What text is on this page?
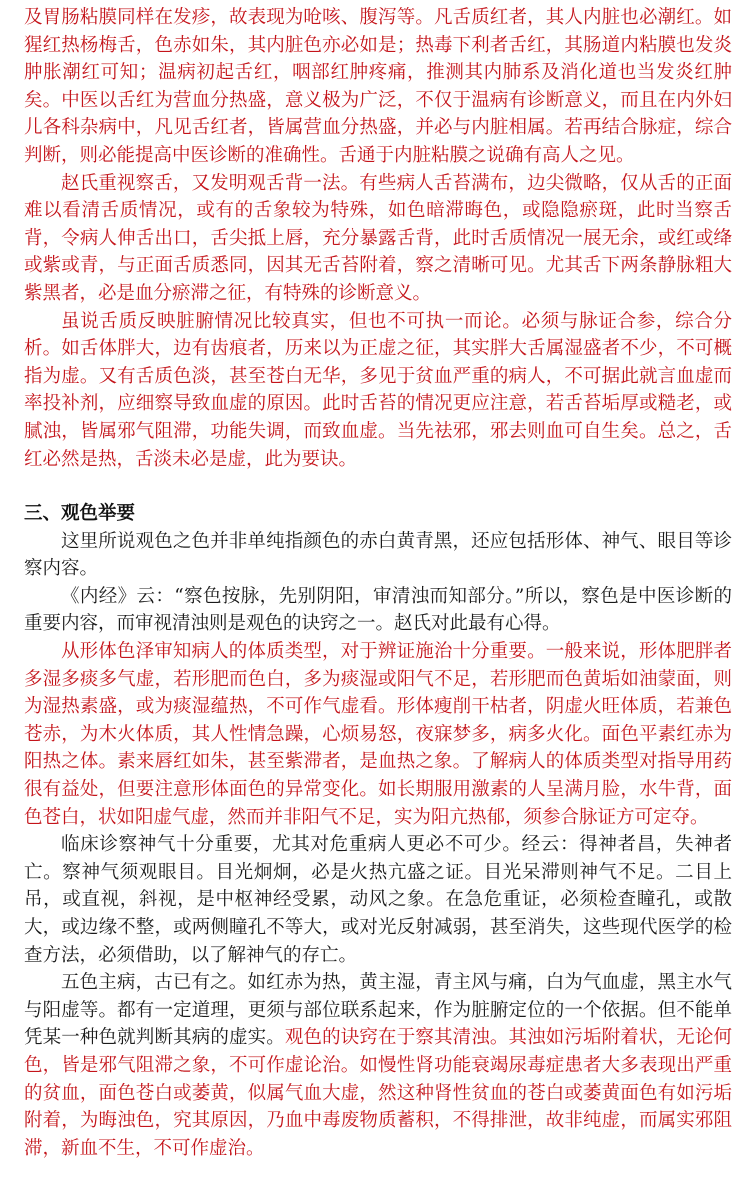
及胃肠粘膜同样在发疹，故表现为呛咳、腹泻等。凡舌质红者，其人内脏也必潮红。如猩红热杨梅舌，色赤如朱，其内脏色亦必如是；热毒下利者舌红，其肠道内粘膜也发炎肿胀潮红可知；温病初起舌红，咽部红肿疼痛，推测其内肺系及消化道也当发炎红肿矣。中医以舌红为营血分热盛，意义极为广泛，不仅于温病有诊断意义，而且在内外妇儿各科杂病中，凡见舌红者，皆属营血分热盛，并必与内脏相属。若再结合脉症，综合判断，则必能提高中医诊断的准确性。舌通于内脏粘膜之说确有高人之见。

赵氏重视察舌，又发明观舌背一法。有些病人舌苔满布，边尖微略，仅从舌的正面难以看清舌质情况，或有的舌象较为特殊，如色暗滞晦色，或隐隐瘀斑，此时当察舌背，令病人伸舌出口，舌尖抵上唇，充分暴露舌背，此时舌质情况一展无余，或红或绛或紫或青，与正面舌质悉同，因其无舌苔附着，察之清晰可见。尤其舌下两条静脉粗大紫黑者，必是血分瘀滞之征，有特殊的诊断意义。

虽说舌质反映脏腑情况比较真实，但也不可执一而论。必须与脉证合参，综合分析。如舌体胖大，边有齿痕者，历来以为正虚之征，其实胖大舌属湿盛者不少，不可概指为虚。又有舌质色淡，甚至苍白无华，多见于贫血严重的病人，不可据此就言血虚而率投补剂，应细察导致血虚的原因。此时舌苔的情况更应注意，若舌苔垢厚或糙老，或腻浊，皆属邪气阻滞，功能失调，而致血虚。当先祛邪，邪去则血可自生矣。总之，舌红必然是热，舌淡未必是虚，此为要诀。

三、观色举要

这里所说观色之色并非单纯指颜色的赤白黄青黑，还应包括形体、神气、眼目等诊察内容。

《内经》云：“察色按脉，先别阴阳，审清浊而知部分。”所以，察色是中医诊断的重要内容，而审视清浊则是观色的诀窍之一。赵氏对此最有心得。

从形体色泽审知病人的体质类型，对于辨证施治十分重要。一般来说，形体肥胖者多湿多痰多气虚，若形肥而色白，多为痰湿或阳气不足，若形肥而色黄垢如油蒙面，则为湿热素盛，或为痰湿蕴热，不可作气虚看。形体瘦削干枯者，阴虚火旺体质，若兼色苍赤，为木火体质，其人性情急躁，心烦易怒，夜寐梦多，病多火化。面色平素红赤为阳热之体。素来唇红如朱，甚至紫滞者，是血热之象。了解病人的体质类型对指导用药很有益处，但要注意形体面色的异常变化。如长期服用激素的人呈满月脸，水牛背，面色苍白，状如阳虚气虚，然而并非阳气不足，实为阳亢热郁，须参合脉证方可定夺。

临床诊察神气十分重要，尤其对危重病人更必不可少。经云：得神者昌，失神者亡。察神气须观眼目。目光炯炯，必是火热亢盛之证。目光呆滞则神气不足。二目上吊，或直视，斜视，是中枢神经受累，动风之象。在急危重证，必须检查瞳孔，或散大，或边缘不整，或两侧瞳孔不等大，或对光反射减弱，甚至消失，这些现代医学的检查方法，必须借助，以了解神气的存亡。

五色主病，古已有之。如红赤为热，黄主湿，青主风与痛，白为气血虚，黑主水气与阳虚等。都有一定道理，更须与部位联系起来，作为脏腑定位的一个依据。但不能单凭某一种色就判断其病的虚实。观色的诀窍在于察其清浊。其浊如污垢附着状，无论何色，皆是邪气阻滞之象，不可作虚论治。如慢性肾功能衰竭尿毒症患者大多表现出严重的贫血，面色苍白或萎黄，似属气血大虚，然这种肾性贫血的苍白或萎黄面色有如污垢附着，为晦浊色，究其原因，乃血中毒废物质蓄积，不得排泄，故非纯虚，而属实邪阻滞，新血不生，不可作虚治。
